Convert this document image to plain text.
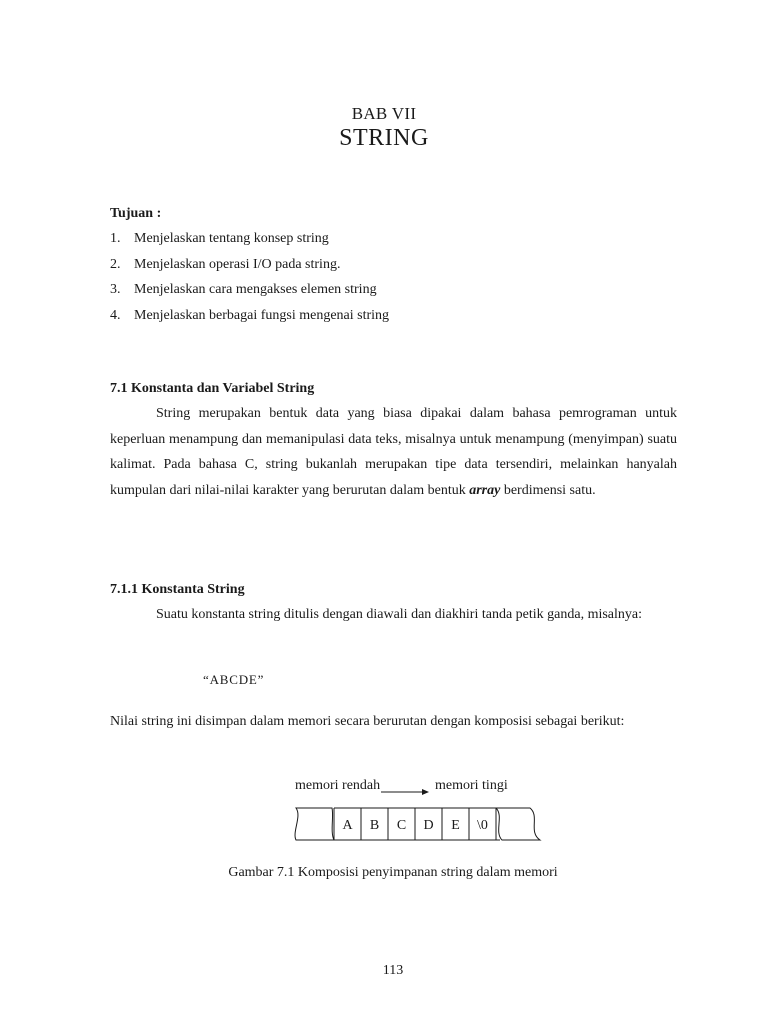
BAB VII
STRING
Tujuan :
1. Menjelaskan tentang konsep string
2. Menjelaskan operasi I/O pada string.
3. Menjelaskan cara mengakses elemen string
4. Menjelaskan berbagai fungsi mengenai string
7.1 Konstanta dan Variabel String

String merupakan bentuk data yang biasa dipakai dalam bahasa pemrograman untuk keperluan menampung dan memanipulasi data teks, misalnya untuk menampung (menyimpan) suatu kalimat. Pada bahasa C, string bukanlah merupakan tipe data tersendiri, melainkan hanyalah kumpulan dari nilai-nilai karakter yang berurutan dalam bentuk array berdimensi satu.

7.1.1 Konstanta String

Suatu konstanta string ditulis dengan diawali dan diakhiri tanda petik ganda, misalnya:

“ABCDE”

Nilai string ini disimpan dalam memori secara berurutan dengan komposisi sebagai berikut:

memori rendah	memori tingi
A B C D E \0
Gambar 7.1 Komposisi penyimpanan string dalam memori
113
